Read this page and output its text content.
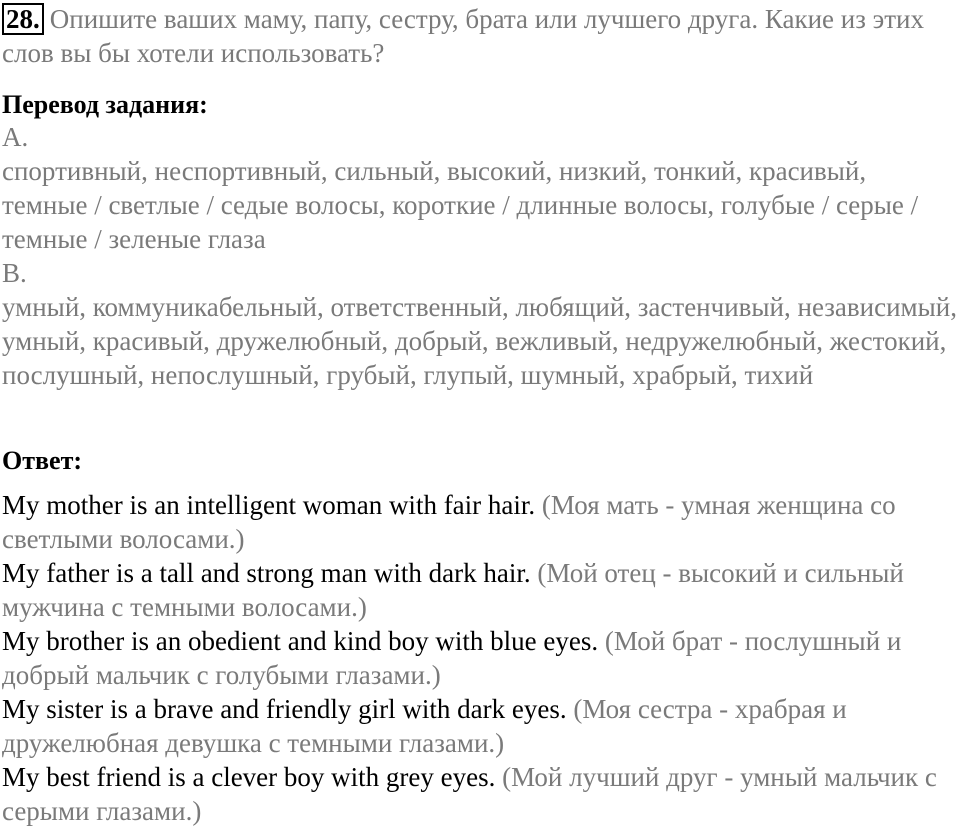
28. Опишите ваших маму, папу, сестру, брата или лучшего друга. Какие из этих слов вы бы хотели использовать?
Перевод задания:
А.
спортивный, неспортивный, сильный, высокий, низкий, тонкий, красивый, темные / светлые / седые волосы, короткие / длинные волосы, голубые / серые / темные / зеленые глаза
В.
умный, коммуникабельный, ответственный, любящий, застенчивый, независимый, умный, красивый, дружелюбный, добрый, вежливый, недружелюбный, жестокий, послушный, непослушный, грубый, глупый, шумный, храбрый, тихий
Ответ:

My mother is an intelligent woman with fair hair. (Моя мать - умная женщина со светлыми волосами.)

My father is a tall and strong man with dark hair. (Мой отец - высокий и сильный мужчина с темными волосами.)

My brother is an obedient and kind boy with blue eyes. (Мой брат - послушный и добрый мальчик с голубыми глазами.)

My sister is a brave and friendly girl with dark eyes. (Моя сестра - храбрая и дружелюбная девушка с темными глазами.)

My best friend is a clever boy with grey eyes. (Мой лучший друг - умный мальчик с серыми глазами.)
